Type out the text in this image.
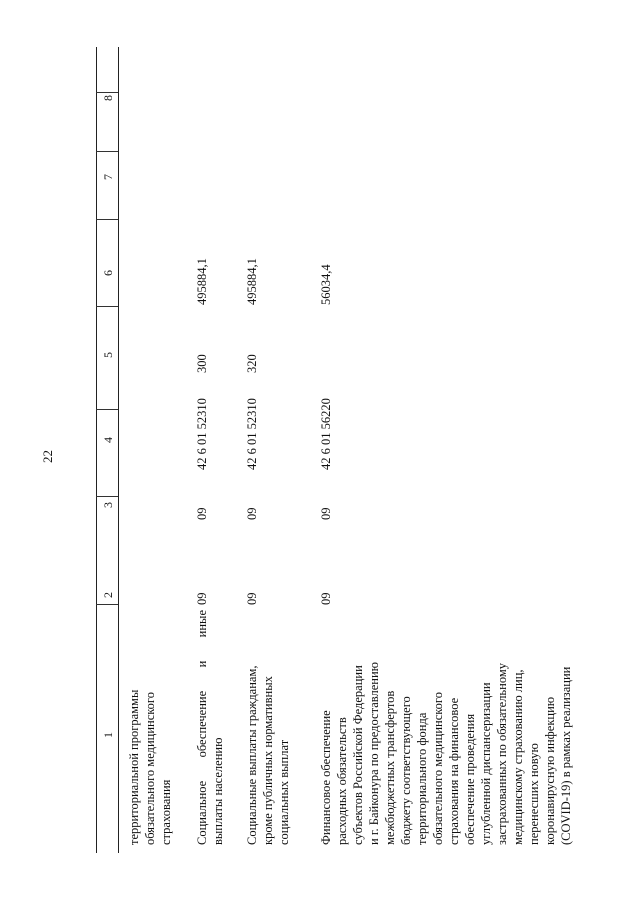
22
1
2
3
4
5
6
7
8
территориальной программы обязательного медицинского страхования Социальное обеспечение и иные выплаты населению
09
09
42 6 01 52310
300
495884,1
Социальные выплаты гражданам, кроме публичных нормативных социальных выплат
09
09
42 6 01 52310
320
495884,1
Финансовое обеспечение расходных обязательств субъектов Российской Федерации и г. Байконура по предоставлению межбюджетных трансфертов бюджету соответствующего территориального фонда обязательного медицинского страхования на финансовое обеспечение проведения углубленной диспансеризации застрахованных по обязательному медицинскому страхованию лиц, перенесших новую коронавирусную инфекцию (COVID-19) в рамках реализации
09
09
42 6 01 56220
56034,4
